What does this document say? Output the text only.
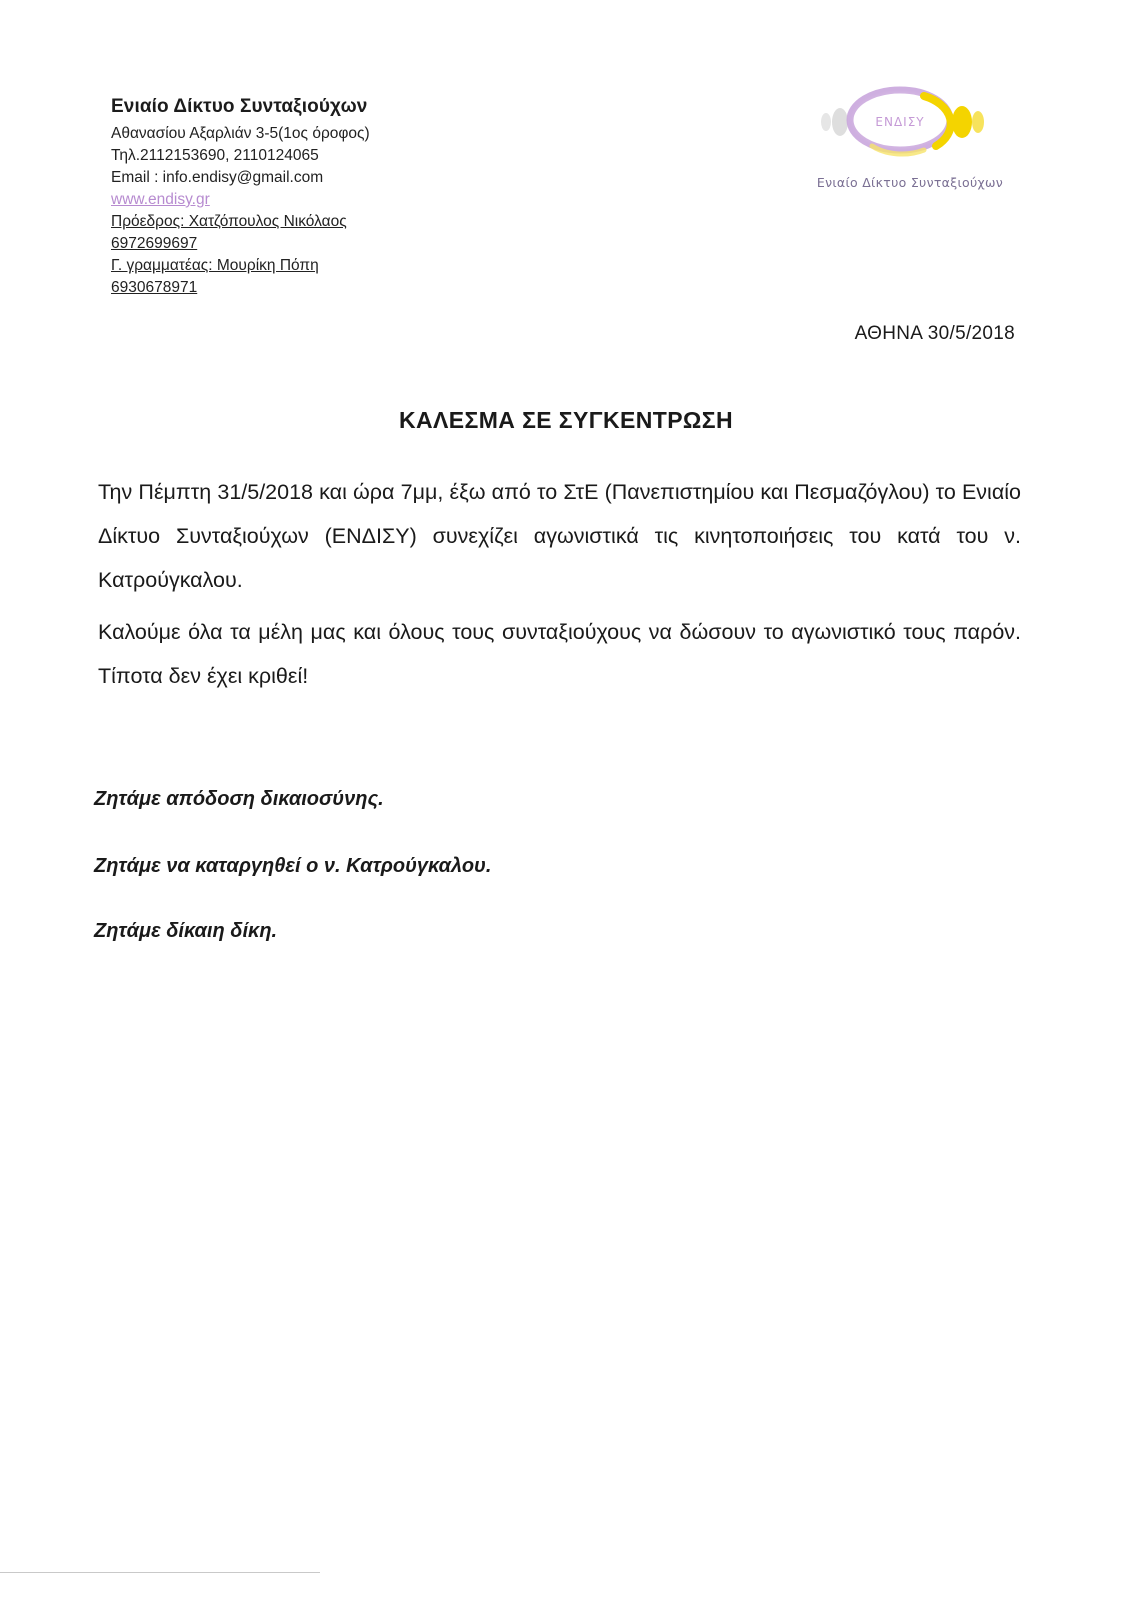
Ενιαίο Δίκτυο Συνταξιούχων
Αθανασίου Αξαρλιάν 3-5(1ος όροφος)
Τηλ.2112153690, 2110124065
Email : info.endisy@gmail.com
www.endisy.gr
Πρόεδρος: Χατζόπουλος Νικόλαος
6972699697
Γ. γραμματέας: Μουρίκη Πόπη
6930678971
ΕΝΔΙΣΥ
Ενιαίο Δίκτυο Συνταξιούχων
ΑΘΗΝΑ 30/5/2018
ΚΑΛΕΣΜΑ ΣΕ ΣΥΓΚΕΝΤΡΩΣΗ
Την Πέμπτη 31/5/2018 και ώρα 7μμ, έξω από το ΣτΕ (Πανεπιστημίου και Πεσμαζόγλου) το Ενιαίο Δίκτυο Συνταξιούχων (ΕΝΔΙΣΥ) συνεχίζει αγωνιστικά τις κινητοποιήσεις του κατά του ν. Κατρούγκαλου.
Καλούμε όλα τα μέλη μας και όλους τους συνταξιούχους να δώσουν το αγωνιστικό τους παρόν. Τίποτα δεν έχει κριθεί!
Ζητάμε απόδοση δικαιοσύνης.
Ζητάμε να καταργηθεί ο ν. Κατρούγκαλου.
Ζητάμε δίκαιη δίκη.
